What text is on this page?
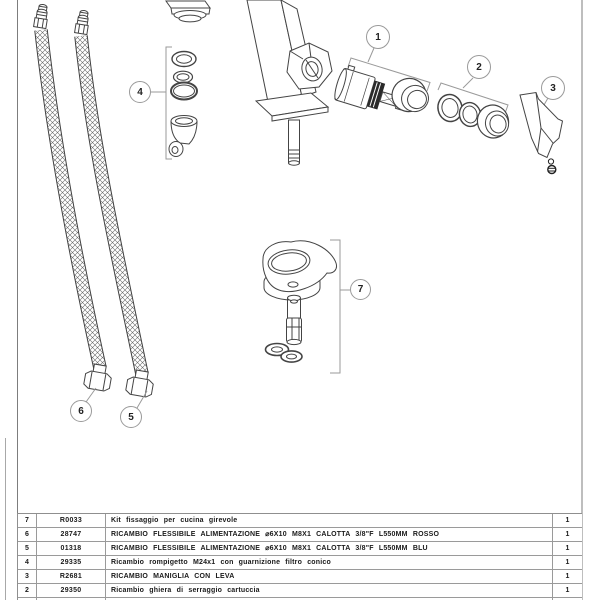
1
2
3
4
5
6
7
7	R0033	Kit fissaggio per cucina girevole	1
6	28747	RICAMBIO FLESSIBILE ALIMENTAZIONE ⌀6X10 M8X1 CALOTTA 3/8"F L550MM ROSSO	1
5	01318	RICAMBIO FLESSIBILE ALIMENTAZIONE ⌀6X10 M8X1 CALOTTA 3/8"F L550MM BLU	1
4	29335	Ricambio rompigetto M24x1 con guarnizione filtro conico	1
3	R2681	RICAMBIO MANIGLIA CON LEVA	1
2	29350	Ricambio ghiera di serraggio cartuccia	1
